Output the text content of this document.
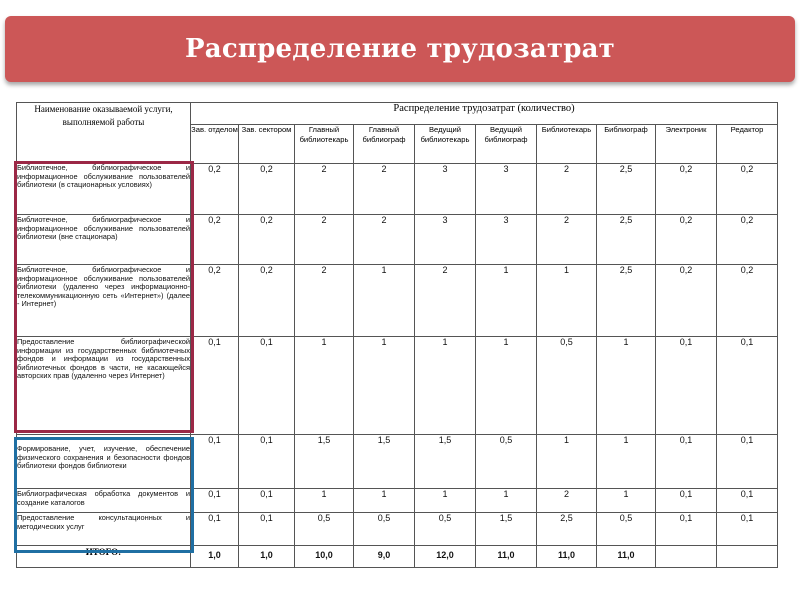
Распределение трудозатрат
Наименование оказываемой услуги, выполняемой работы	Распределение трудозатрат (количество)									
	Зав. отделом	Зав. сектором	Главный библиотекарь	Главный библиограф	Ведущий библиотекарь	Ведущий библиограф	Библиотекарь	Библиограф	Электроник	Редактор
Библиотечное, библиографическое и информационное обслуживание пользователей библиотеки (в стационарных условиях)	0,2	0,2	2	2	3	3	2	2,5	0,2	0,2
Библиотечное, библиографическое и информационное обслуживание пользователей библиотеки (вне стационара)	0,2	0,2	2	2	3	3	2	2,5	0,2	0,2
Библиотечное, библиографическое и информационное обслуживание пользователей библиотеки (удаленно через информационно-телекоммуникационную сеть «Интернет») (далее - Интернет)	0,2	0,2	2	1	2	1	1	2,5	0,2	0,2
Предоставление библиографической информации из государственных библиотечных фондов и информации из государственных библиотечных фондов в части, не касающейся авторских прав (удаленно через Интернет)	0,1	0,1	1	1	1	1	0,5	1	0,1	0,1
Формирование, учет, изучение, обеспечение физического сохранения и безопасности фондов библиотеки фондов библиотеки	0,1	0,1	1,5	1,5	1,5	0,5	1	1	0,1	0,1
Библиографическая обработка документов и создание каталогов	0,1	0,1	1	1	1	1	2	1	0,1	0,1
Предоставление консультационных и методических услуг	0,1	0,1	0,5	0,5	0,5	1,5	2,5	0,5	0,1	0,1
ИТОГО:	1,0	1,0	10,0	9,0	12,0	11,0	11,0	11,0		
